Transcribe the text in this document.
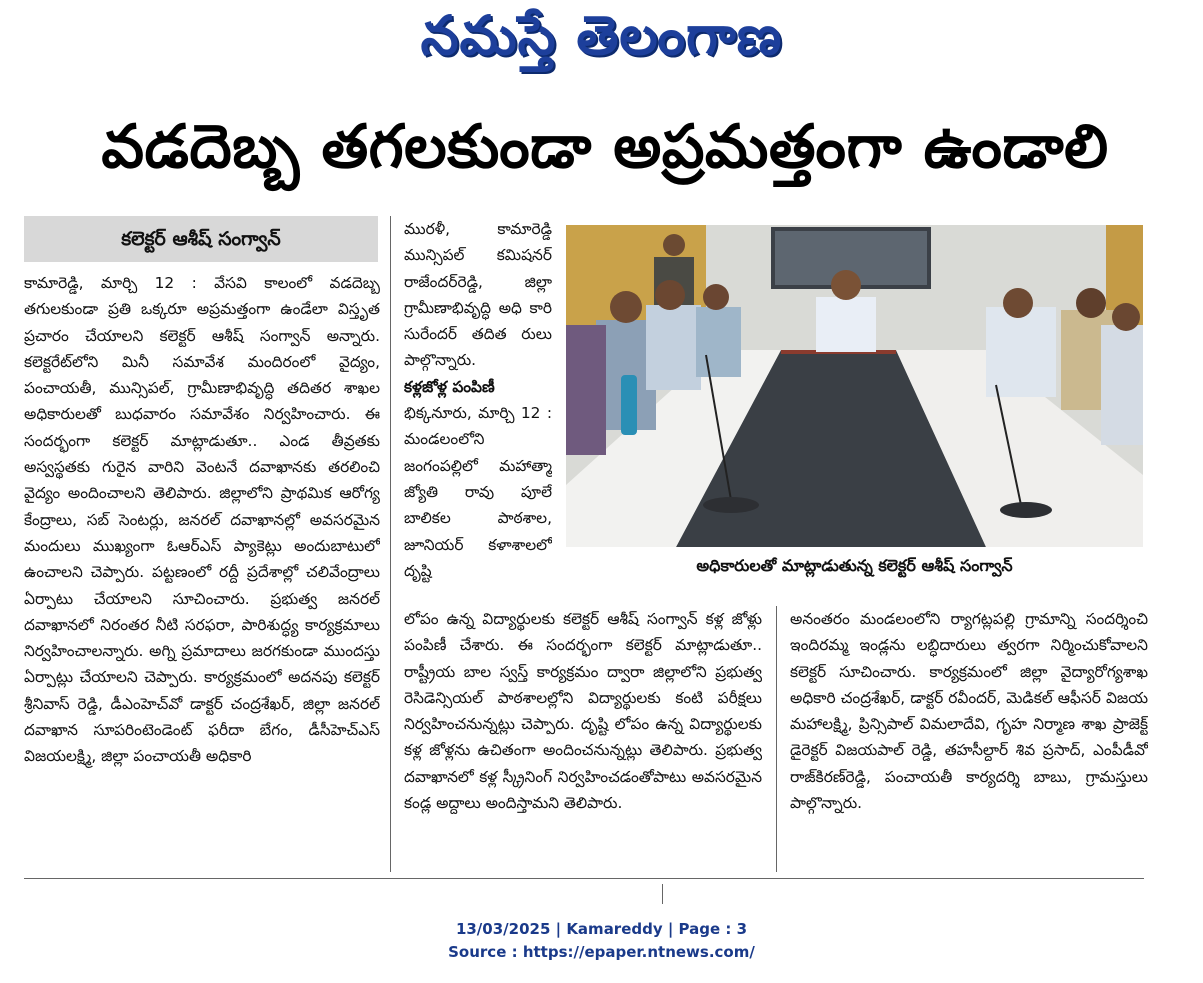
నమస్తే తెలంగాణ
వడదెబ్బ తగలకుండా అప్రమత్తంగా ఉండాలి
కలెక్టర్ ఆశీష్ సంగ్వాన్

కామారెడ్డి, మార్చి 12 : వేసవి కాలంలో వడదెబ్బ తగులకుండా ప్రతి ఒక్కరూ అప్రమత్తంగా ఉండేలా విస్తృత ప్రచారం చేయాలని కలెక్టర్ ఆశీష్ సంగ్వాన్ అన్నారు. కలెక్టరేట్‌లోని మినీ సమావేశ మందిరంలో వైద్యం, పంచాయతీ, మున్సిపల్, గ్రామీణాభివృద్ధి తదితర శాఖల అధికారులతో బుధవారం సమావేశం నిర్వహించారు. ఈ సందర్భంగా కలెక్టర్ మాట్లాడుతూ.. ఎండ తీవ్రతకు అస్వస్థతకు గురైన వారిని వెంటనే దవాఖానకు తరలించి వైద్యం అందించాలని తెలిపారు. జిల్లాలోని ప్రాథమిక ఆరోగ్య కేంద్రాలు, సబ్ సెంటర్లు, జనరల్ దవాఖానల్లో అవసరమైన మందులు ముఖ్యంగా ఓఆర్‌ఎస్ ప్యాకెట్లు అందుబాటులో ఉంచాలని చెప్పారు. పట్టణంలో రద్దీ ప్రదేశాల్లో చలివేంద్రాలు ఏర్పాటు చేయాలని సూచించారు. ప్రభుత్వ జనరల్ దవాఖానలో నిరంతర నీటి సరఫరా, పారిశుద్ధ్య కార్యక్రమాలు నిర్వహించాలన్నారు. అగ్ని ప్రమాదాలు జరగకుండా ముందస్తు ఏర్పాట్లు చేయాలని చెప్పారు. కార్యక్రమంలో అదనపు కలెక్టర్ శ్రీనివాస్ రెడ్డి, డీఎంహెచ్‌వో డాక్టర్ చంద్రశేఖర్, జిల్లా జనరల్ దవాఖాన సూపరింటెండెంట్ ఫరీదా బేగం, డీసీహెచ్‌ఎస్ విజయలక్ష్మి, జిల్లా పంచాయతీ అధికారి

మురళీ, కామారెడ్డి మున్సిపల్ కమిషనర్ రాజేందర్‌రెడ్డి, జిల్లా గ్రామీణాభివృద్ధి అధి కారి సురేందర్ తదిత రులు పాల్గొన్నారు.

కళ్లజోళ్ల పంపిణీ

భిక్కనూరు, మార్చి 12 : మండలంలోని జంగంపల్లిలో మహాత్మా జ్యోతి రావు పూలే బాలికల పాఠశాల, జూనియర్ కళాశాలలో దృష్టి	అధికారులతో మాట్లాడుతున్న కలెక్టర్ ఆశీష్ సంగ్వాన్

లోపం ఉన్న విద్యార్థులకు కలెక్టర్ ఆశీష్ సంగ్వాన్ కళ్ల జోళ్లు పంపిణీ చేశారు. ఈ సందర్భంగా కలెక్టర్ మాట్లాడుతూ.. రాష్ట్రీయ బాల స్వస్త్ కార్యక్రమం ద్వారా జిల్లాలోని ప్రభుత్వ రెసిడెన్సియల్ పాఠశాలల్లోని విద్యార్థులకు కంటి పరీక్షలు నిర్వహించనున్నట్లు చెప్పారు. దృష్టి లోపం ఉన్న విద్యార్థులకు కళ్ల జోళ్లను ఉచితంగా అందించనున్నట్లు తెలిపారు. ప్రభుత్వ దవాఖానలో కళ్ల స్క్రీనింగ్ నిర్వహించడంతోపాటు అవసరమైన కండ్ల అద్దాలు అందిస్తామని తెలిపారు.

అనంతరం మండలంలోని ర్యాగట్లపల్లి గ్రామాన్ని సందర్శించి ఇందిరమ్మ ఇండ్లను లబ్ధిదారులు త్వరగా నిర్మించుకోవాలని కలెక్టర్ సూచించారు. కార్యక్రమంలో జిల్లా వైద్యారోగ్యశాఖ అధికారి చంద్రశేఖర్, డాక్టర్ రవీందర్, మెడికల్ ఆఫీసర్ విజయ మహాలక్ష్మి, ప్రిన్సిపాల్ విమలాదేవి, గృహ నిర్మాణ శాఖ ప్రాజెక్ట్ డైరెక్టర్ విజయపాల్ రెడ్డి, తహసీల్దార్ శివ ప్రసాద్, ఎంపీడీవో రాజ్‌కిరణ్‌రెడ్డి, పంచాయతీ కార్యదర్శి బాబు, గ్రామస్తులు పాల్గొన్నారు.

13/03/2025 | Kamareddy | Page : 3
Source : https://epaper.ntnews.com/
